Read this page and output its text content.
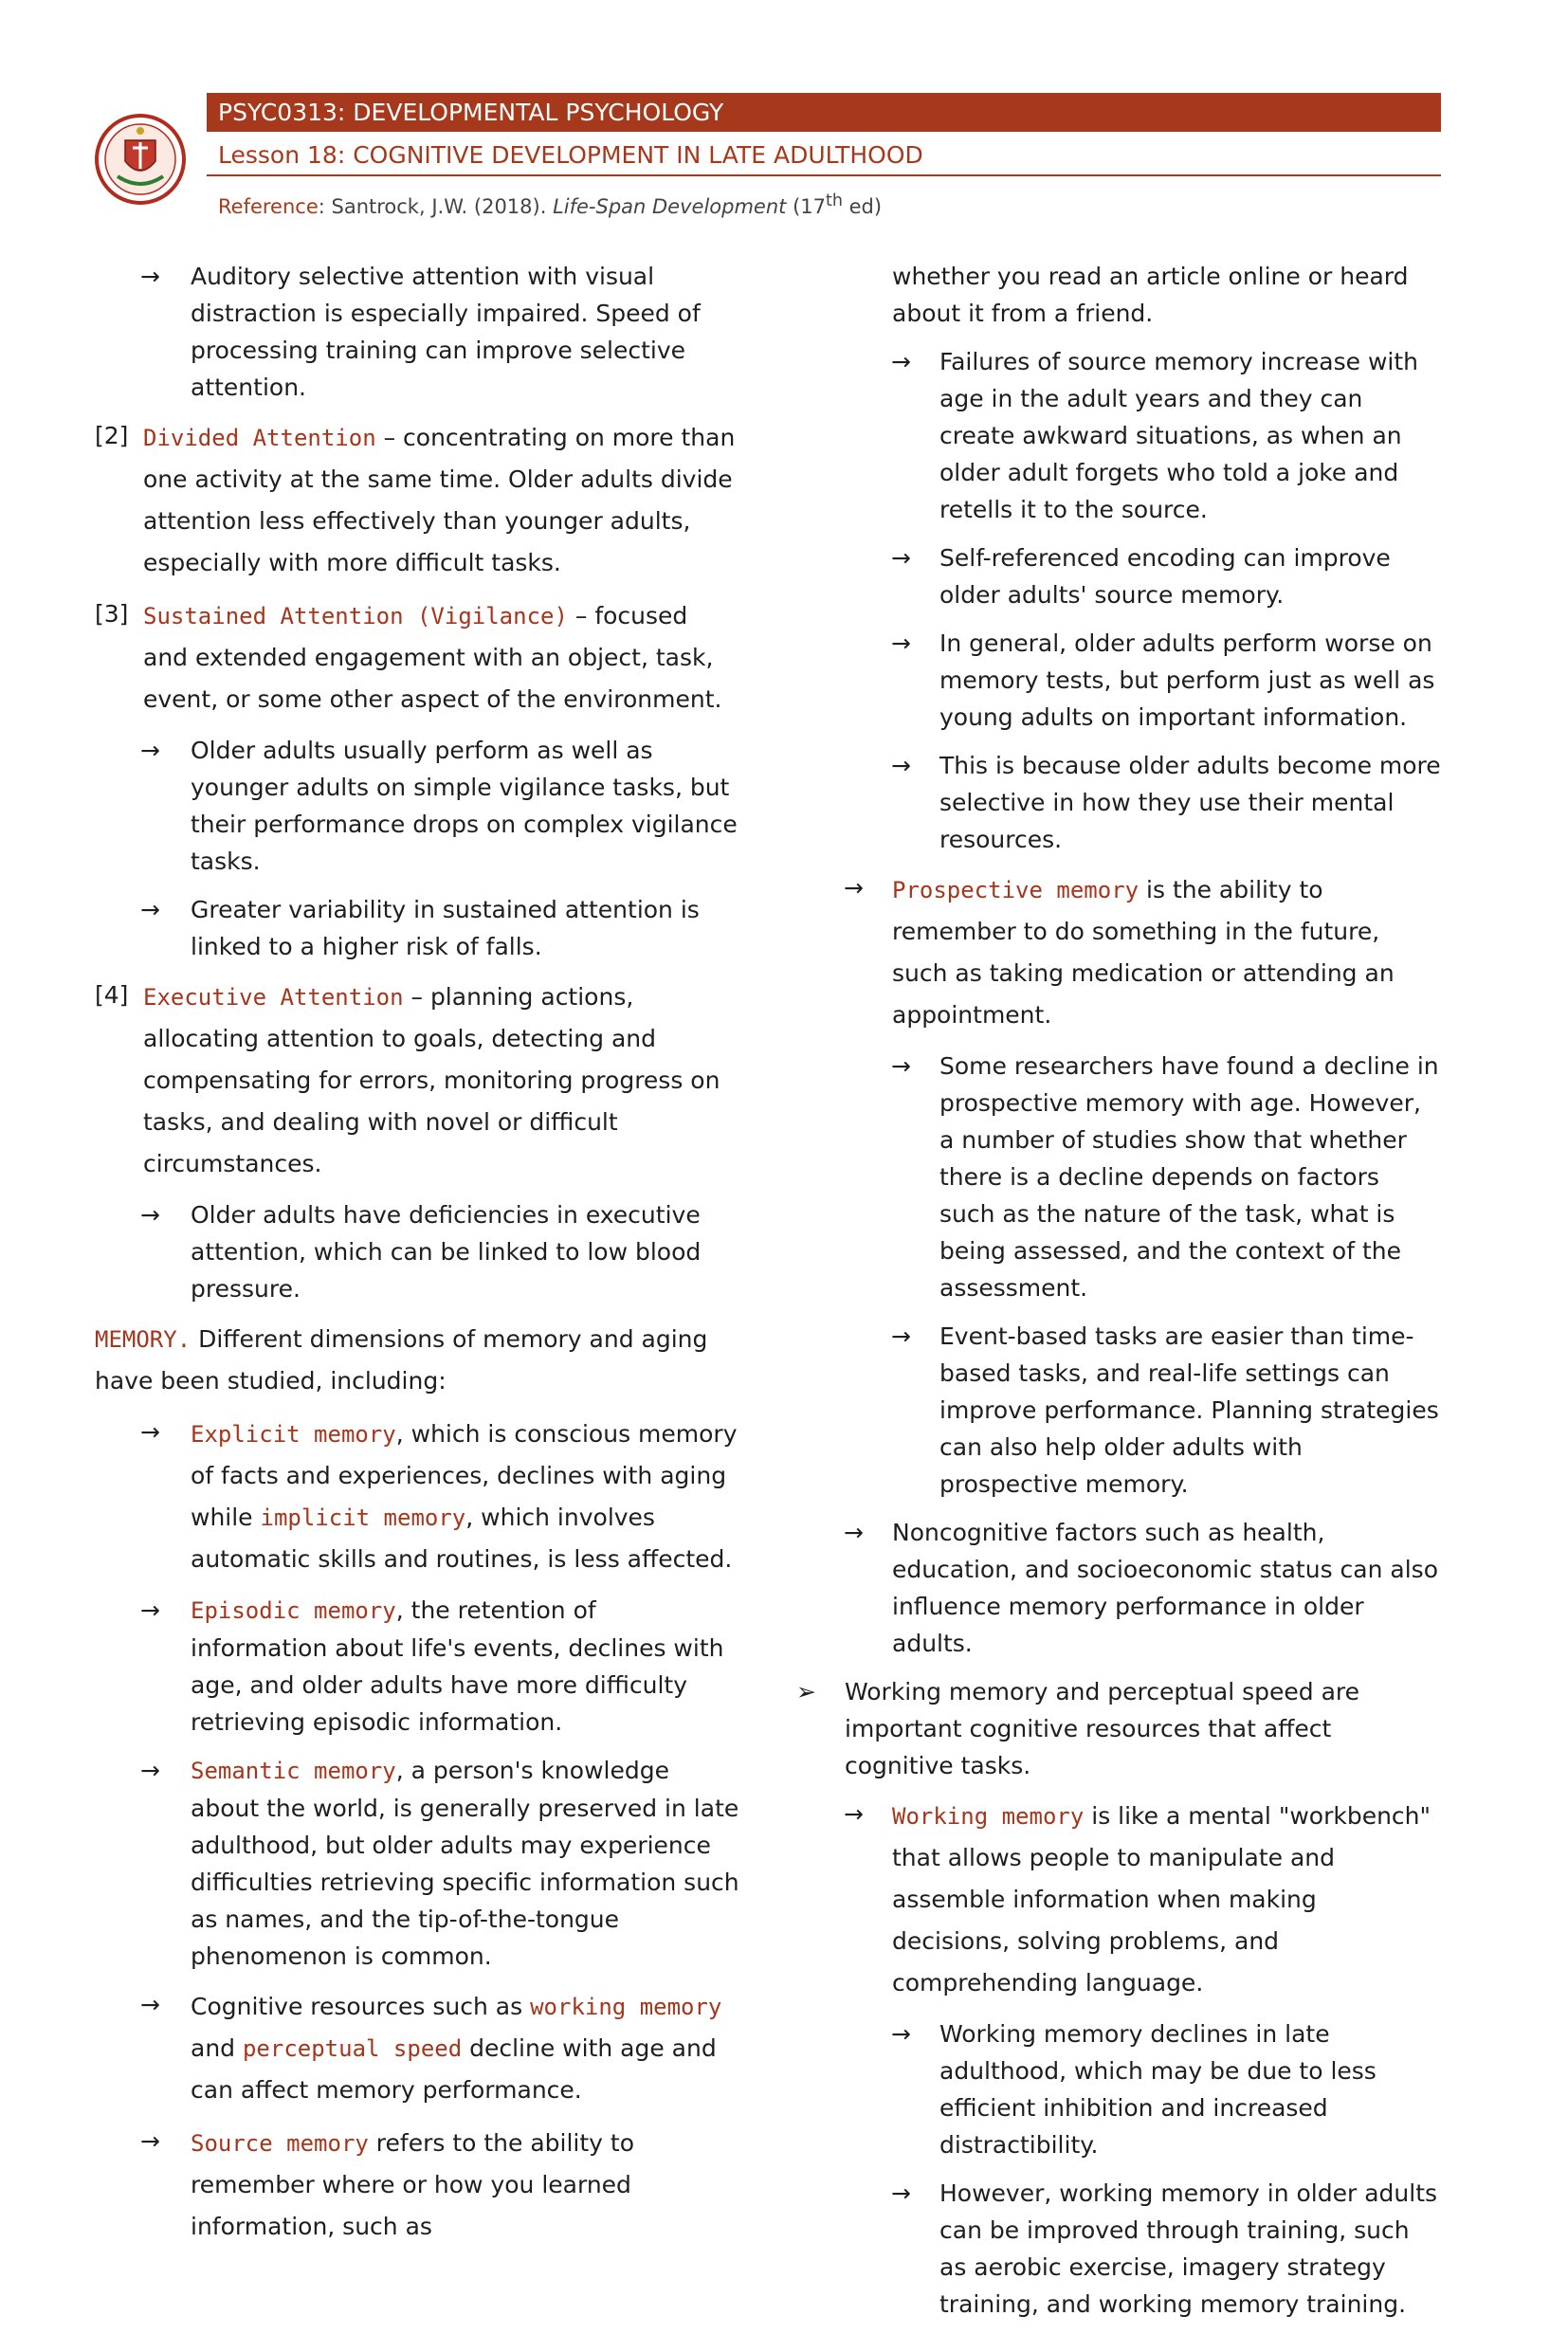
PSYC0313: DEVELOPMENTAL PSYCHOLOGY
Lesson 18: COGNITIVE DEVELOPMENT IN LATE ADULTHOOD
Reference: Santrock, J.W. (2018). Life-Span Development (17th ed)
→ Auditory selective attention with visual distraction is especially impaired. Speed of processing training can improve selective attention.

[2] Divided Attention – concentrating on more than one activity at the same time. Older adults divide attention less effectively than younger adults, especially with more difficult tasks.

[3] Sustained Attention (Vigilance) – focused and extended engagement with an object, task, event, or some other aspect of the environment.

→ Older adults usually perform as well as younger adults on simple vigilance tasks, but their performance drops on complex vigilance tasks.

→ Greater variability in sustained attention is linked to a higher risk of falls.

[4] Executive Attention – planning actions, allocating attention to goals, detecting and compensating for errors, monitoring progress on tasks, and dealing with novel or difficult circumstances.

→ Older adults have deficiencies in executive attention, which can be linked to low blood pressure.

MEMORY. Different dimensions of memory and aging have been studied, including:

→ Explicit memory, which is conscious memory of facts and experiences, declines with aging while implicit memory, which involves automatic skills and routines, is less affected.

→ Episodic memory, the retention of information about life's events, declines with age, and older adults have more difficulty retrieving episodic information.

→ Semantic memory, a person's knowledge about the world, is generally preserved in late adulthood, but older adults may experience difficulties retrieving specific information such as names, and the tip-of-the-tongue phenomenon is common.

→ Cognitive resources such as working memory and perceptual speed decline with age and can affect memory performance.

→ Source memory refers to the ability to remember where or how you learned information, such as

whether you read an article online or heard about it from a friend.

→ Failures of source memory increase with age in the adult years and they can create awkward situations, as when an older adult forgets who told a joke and retells it to the source.

→ Self-referenced encoding can improve older adults' source memory.

→ In general, older adults perform worse on memory tests, but perform just as well as young adults on important information.

→ This is because older adults become more selective in how they use their mental resources.

→ Prospective memory is the ability to remember to do something in the future, such as taking medication or attending an appointment.

→ Some researchers have found a decline in prospective memory with age. However, a number of studies show that whether there is a decline depends on factors such as the nature of the task, what is being assessed, and the context of the assessment.

→ Event-based tasks are easier than time-based tasks, and real-life settings can improve performance. Planning strategies can also help older adults with prospective memory.

→ Noncognitive factors such as health, education, and socioeconomic status can also influence memory performance in older adults.

➢ Working memory and perceptual speed are important cognitive resources that affect cognitive tasks.

→ Working memory is like a mental "workbench" that allows people to manipulate and assemble information when making decisions, solving problems, and comprehending language.

→ Working memory declines in late adulthood, which may be due to less efficient inhibition and increased distractibility.

→ However, working memory in older adults can be improved through training, such as aerobic exercise, imagery strategy training, and working memory training.
